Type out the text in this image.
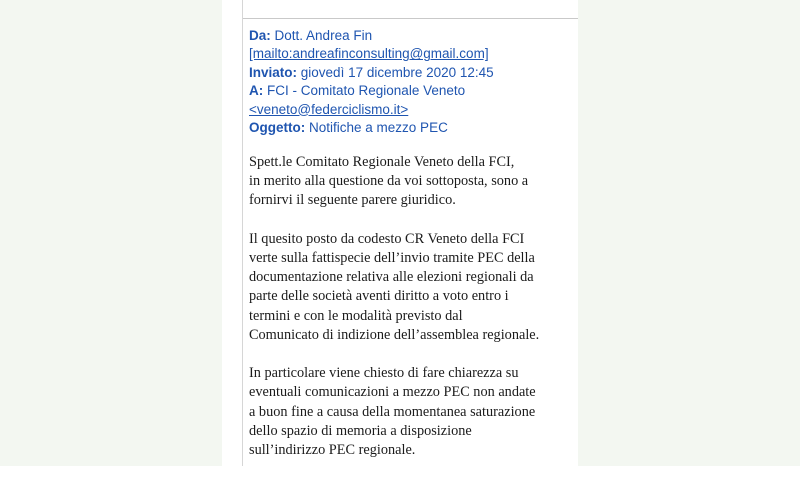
Da: Dott. Andrea Fin
[mailto:andreafinconsulting@gmail.com]
Inviato: giovedì 17 dicembre 2020 12:45
A: FCI - Comitato Regionale Veneto
<veneto@federciclismo.it>
Oggetto: Notifiche a mezzo PEC

Spett.le Comitato Regionale Veneto della FCI,
in merito alla questione da voi sottoposta, sono a
fornirvi il seguente parere giuridico.

Il quesito posto da codesto CR Veneto della FCI
verte sulla fattispecie dell’invio tramite PEC della
documentazione relativa alle elezioni regionali da
parte delle società aventi diritto a voto entro i
termini e con le modalità previsto dal
Comunicato di indizione dell’assemblea regionale.

In particolare viene chiesto di fare chiarezza su
eventuali comunicazioni a mezzo PEC non andate
a buon fine a causa della momentanea saturazione
dello spazio di memoria a disposizione
sull’indirizzo PEC regionale.
